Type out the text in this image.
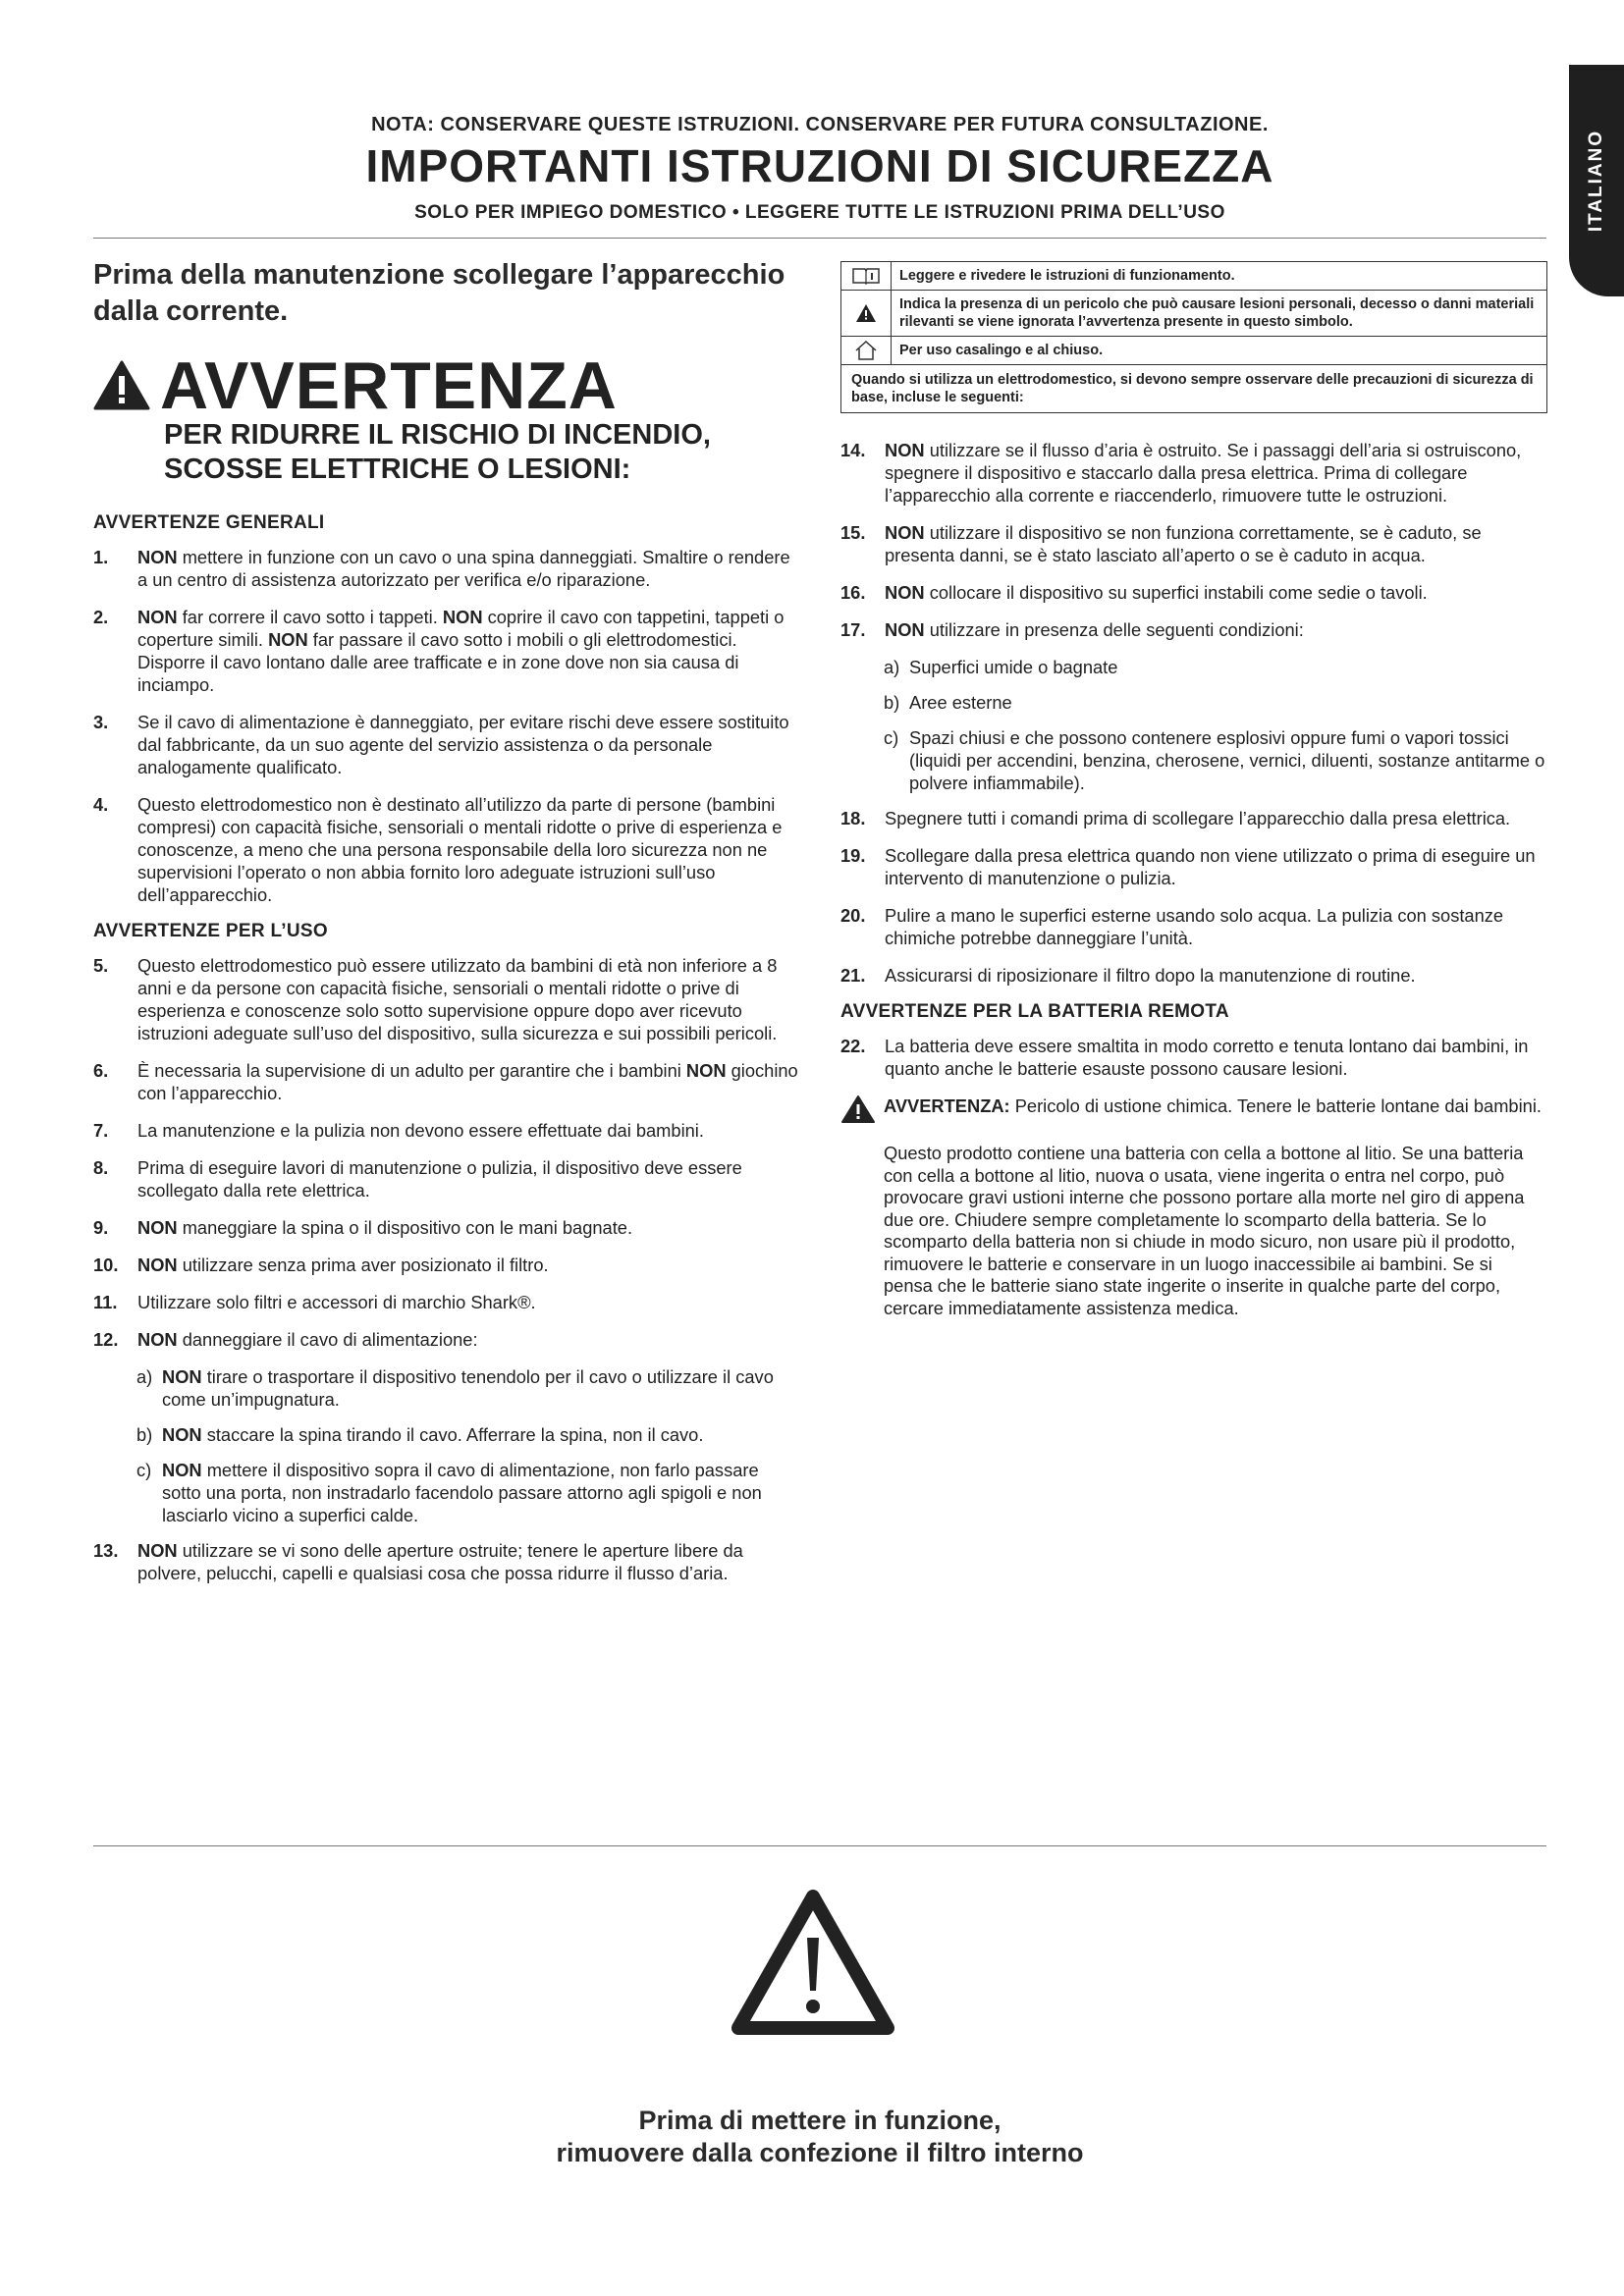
ITALIANO
NOTA: CONSERVARE QUESTE ISTRUZIONI. CONSERVARE PER FUTURA CONSULTAZIONE.
IMPORTANTI ISTRUZIONI DI SICUREZZA
SOLO PER IMPIEGO DOMESTICO • LEGGERE TUTTE LE ISTRUZIONI PRIMA DELL’USO
Prima della manutenzione scollegare l’apparecchio dalla corrente.
AVVERTENZA
PER RIDURRE IL RISCHIO DI INCENDIO, SCOSSE ELETTRICHE O LESIONI:
AVVERTENZE GENERALI
1.	NON mettere in funzione con un cavo o una spina danneggiati. Smaltire o rendere a un centro di assistenza autorizzato per verifica e/o riparazione.
2.	NON far correre il cavo sotto i tappeti. NON coprire il cavo con tappetini, tappeti o coperture simili. NON far passare il cavo sotto i mobili o gli elettrodomestici. Disporre il cavo lontano dalle aree trafficate e in zone dove non sia causa di inciampo.
3.	Se il cavo di alimentazione è danneggiato, per evitare rischi deve essere sostituito dal fabbricante, da un suo agente del servizio assistenza o da personale analogamente qualificato.
4.	Questo elettrodomestico non è destinato all’utilizzo da parte di persone (bambini compresi) con capacità fisiche, sensoriali o mentali ridotte o prive di esperienza e conoscenze, a meno che una persona responsabile della loro sicurezza non ne supervisioni l’operato o non abbia fornito loro adeguate istruzioni sull’uso dell’apparecchio.
AVVERTENZE PER L’USO
5.	Questo elettrodomestico può essere utilizzato da bambini di età non inferiore a 8 anni e da persone con capacità fisiche, sensoriali o mentali ridotte o prive di esperienza e conoscenze solo sotto supervisione oppure dopo aver ricevuto istruzioni adeguate sull’uso del dispositivo, sulla sicurezza e sui possibili pericoli.
6.	È necessaria la supervisione di un adulto per garantire che i bambini NON giochino con l’apparecchio.
7.	La manutenzione e la pulizia non devono essere effettuate dai bambini.
8.	Prima di eseguire lavori di manutenzione o pulizia, il dispositivo deve essere scollegato dalla rete elettrica.
9.	NON maneggiare la spina o il dispositivo con le mani bagnate.
10.	NON utilizzare senza prima aver posizionato il filtro.
11.	Utilizzare solo filtri e accessori di marchio Shark®.
12.	NON danneggiare il cavo di alimentazione:
a) NON tirare o trasportare il dispositivo tenendolo per il cavo o utilizzare il cavo come un’impugnatura.
b) NON staccare la spina tirando il cavo. Afferrare la spina, non il cavo.
c) NON mettere il dispositivo sopra il cavo di alimentazione, non farlo passare sotto una porta, non instradarlo facendolo passare attorno agli spigoli e non lasciarlo vicino a superfici calde.
13.	NON utilizzare se vi sono delle aperture ostruite; tenere le aperture libere da polvere, pelucchi, capelli e qualsiasi cosa che possa ridurre il flusso d’aria.
Leggere e rivedere le istruzioni di funzionamento.
Indica la presenza di un pericolo che può causare lesioni personali, decesso o danni materiali rilevanti se viene ignorata l’avvertenza presente in questo simbolo.
Per uso casalingo e al chiuso.
Quando si utilizza un elettrodomestico, si devono sempre osservare delle precauzioni di sicurezza di base, incluse le seguenti:
14.	NON utilizzare se il flusso d’aria è ostruito. Se i passaggi dell’aria si ostruiscono, spegnere il dispositivo e staccarlo dalla presa elettrica. Prima di collegare l’apparecchio alla corrente e riaccenderlo, rimuovere tutte le ostruzioni.
15.	NON utilizzare il dispositivo se non funziona correttamente, se è caduto, se presenta danni, se è stato lasciato all’aperto o se è caduto in acqua.
16.	NON collocare il dispositivo su superfici instabili come sedie o tavoli.
17.	NON utilizzare in presenza delle seguenti condizioni:
a) Superfici umide o bagnate
b) Aree esterne
c) Spazi chiusi e che possono contenere esplosivi oppure fumi o vapori tossici (liquidi per accendini, benzina, cherosene, vernici, diluenti, sostanze antitarme o polvere infiammabile).
18.	Spegnere tutti i comandi prima di scollegare l’apparecchio dalla presa elettrica.
19.	Scollegare dalla presa elettrica quando non viene utilizzato o prima di eseguire un intervento di manutenzione o pulizia.
20.	Pulire a mano le superfici esterne usando solo acqua. La pulizia con sostanze chimiche potrebbe danneggiare l’unità.
21.	Assicurarsi di riposizionare il filtro dopo la manutenzione di routine.
AVVERTENZE PER LA BATTERIA REMOTA
22.	La batteria deve essere smaltita in modo corretto e tenuta lontano dai bambini, in quanto anche le batterie esauste possono causare lesioni.
AVVERTENZA: Pericolo di ustione chimica. Tenere le batterie lontane dai bambini.
Questo prodotto contiene una batteria con cella a bottone al litio. Se una batteria con cella a bottone al litio, nuova o usata, viene ingerita o entra nel corpo, può provocare gravi ustioni interne che possono portare alla morte nel giro di appena due ore. Chiudere sempre completamente lo scomparto della batteria. Se lo scomparto della batteria non si chiude in modo sicuro, non usare più il prodotto, rimuovere le batterie e conservare in un luogo inaccessibile ai bambini. Se si pensa che le batterie siano state ingerite o inserite in qualche parte del corpo, cercare immediatamente assistenza medica.
Prima di mettere in funzione,
rimuovere dalla confezione il filtro interno
